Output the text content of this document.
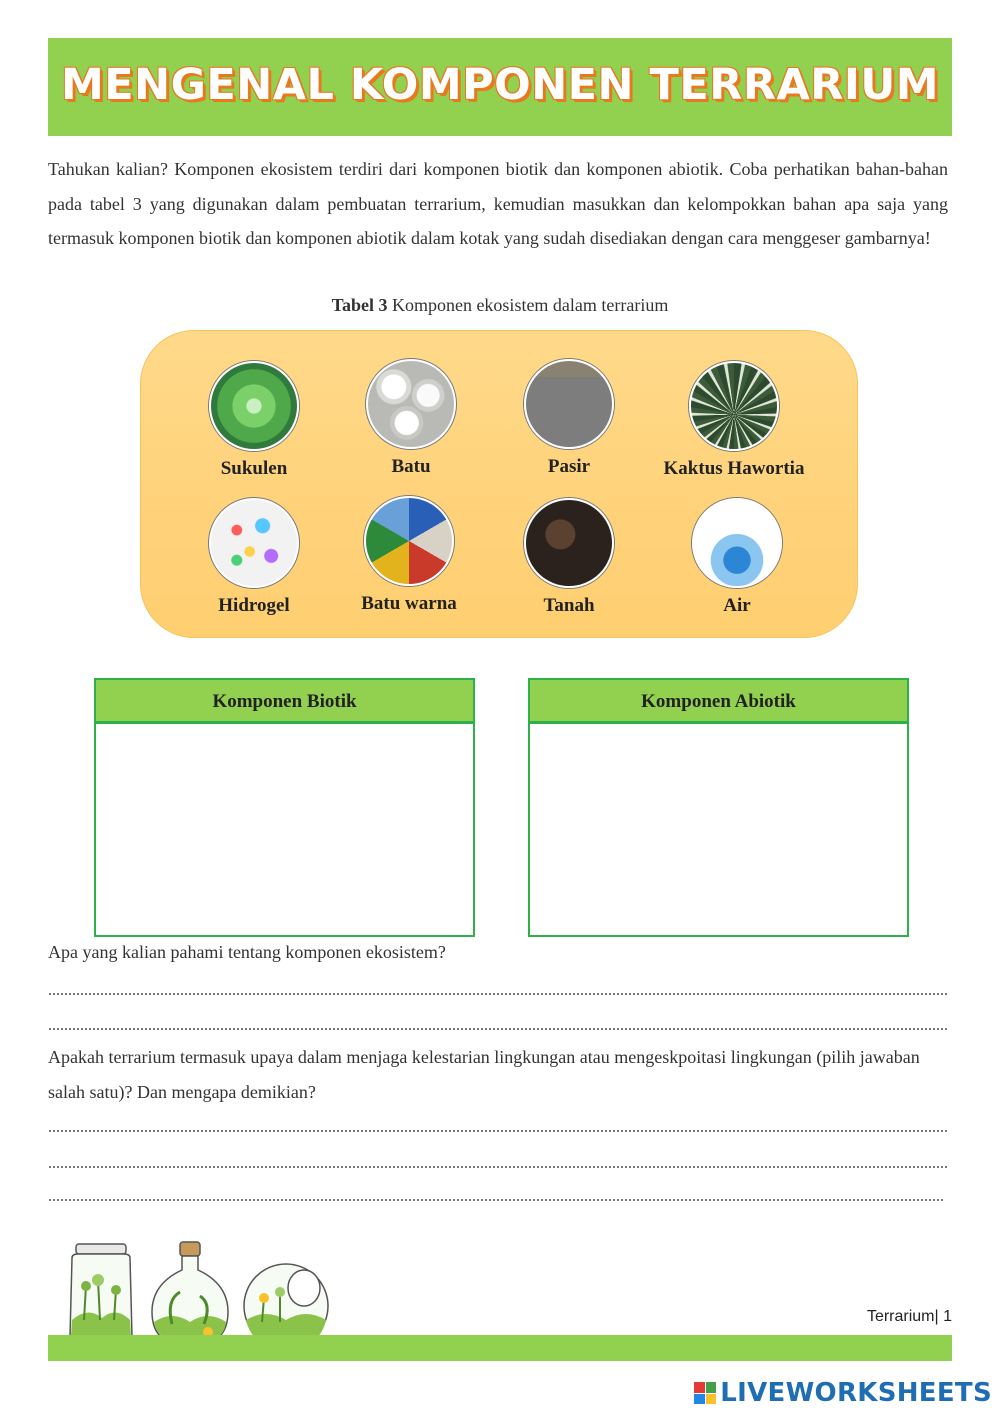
MENGENAL KOMPONEN TERRARIUM

Tahukan kalian? Komponen ekosistem terdiri dari komponen biotik dan komponen abiotik. Coba perhatikan bahan-bahan pada tabel 3 yang digunakan dalam pembuatan terrarium, kemudian masukkan dan kelompokkan bahan apa saja yang termasuk komponen biotik dan komponen abiotik dalam kotak yang sudah disediakan dengan cara menggeser gambarnya!

Tabel 3 Komponen ekosistem dalam terrarium
Sukulen	Batu	Pasir	Kaktus Hawortia
Hidrogel	Batu warna	Tanah	Air
Komponen Biotik	Komponen Abiotik

Apa yang kalian pahami tentang komponen ekosistem?

Apakah terrarium termasuk upaya dalam menjaga kelestarian lingkungan atau mengeskpoitasi lingkungan (pilih jawaban salah satu)? Dan mengapa demikian?

Terrarium| 1
LIVEWORKSHEETS
